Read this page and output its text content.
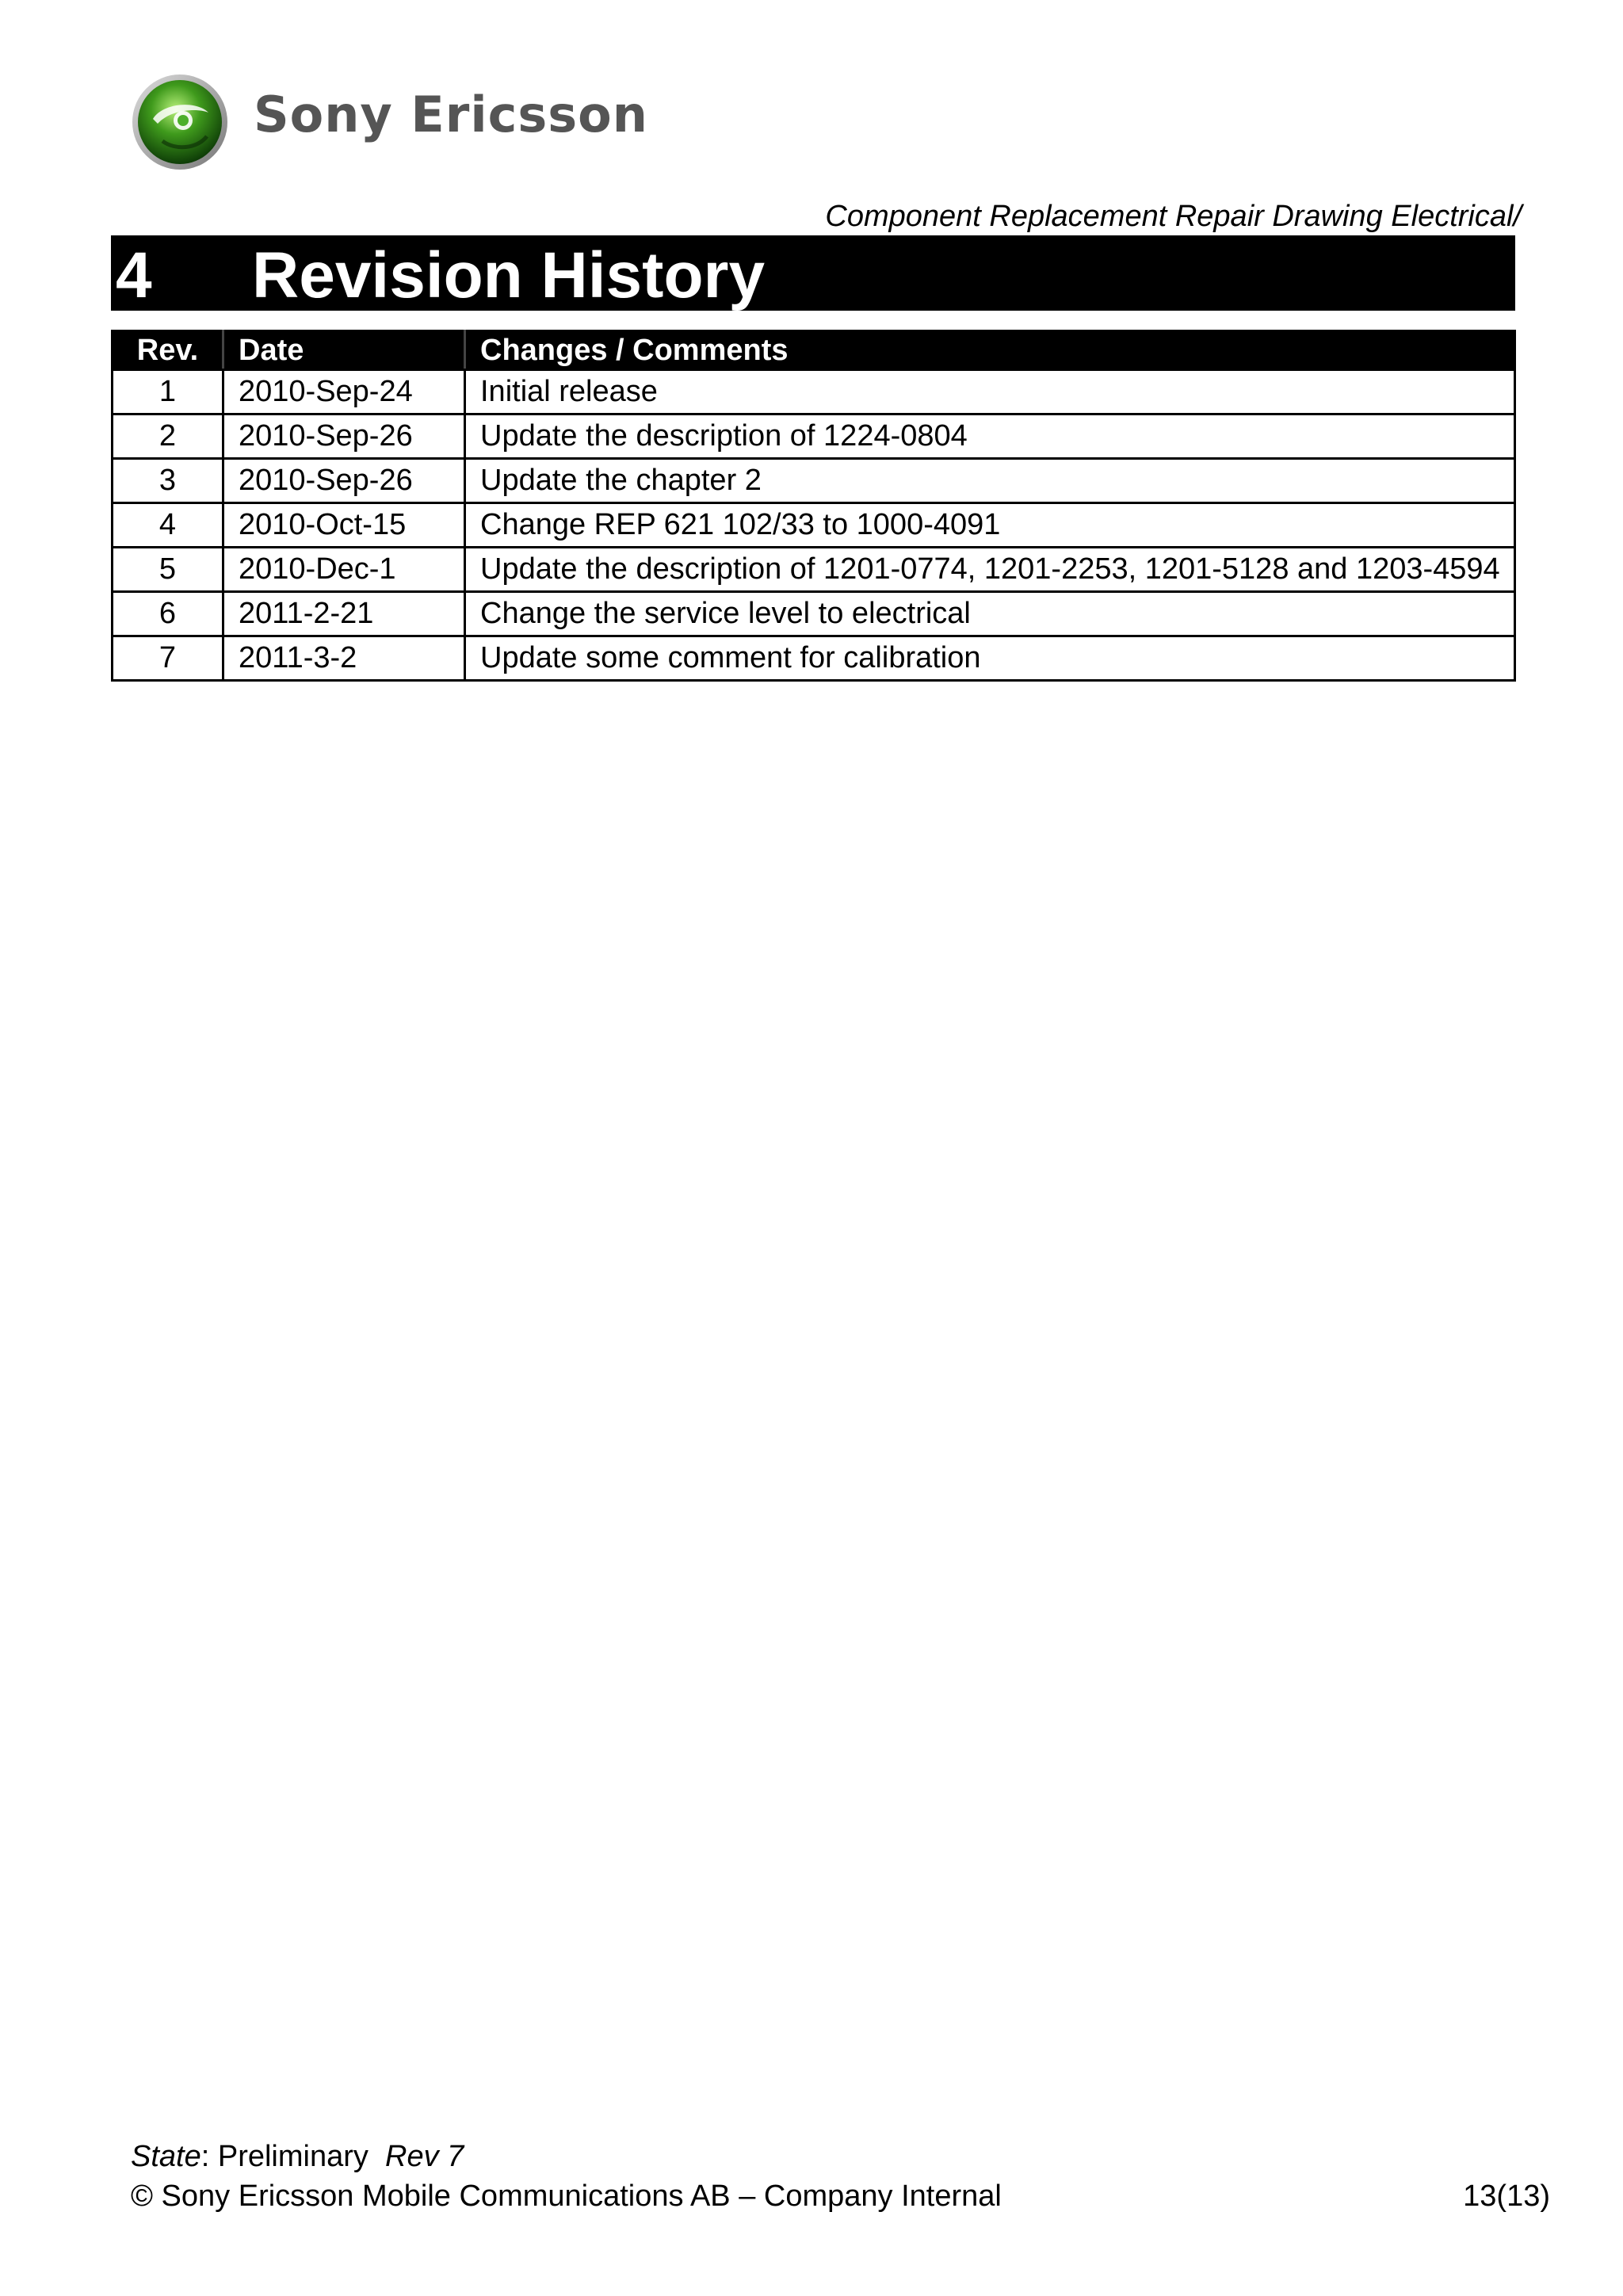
Sony Ericsson
Component Replacement Repair Drawing Electrical/
4 Revision History
Rev.	Date	Changes / Comments
1	2010-Sep-24	Initial release
2	2010-Sep-26	Update the description of 1224-0804
3	2010-Sep-26	Update the chapter 2
4	2010-Oct-15	Change REP 621 102/33 to 1000-4091
5	2010-Dec-1	Update the description of 1201-0774, 1201-2253, 1201-5128 and 1203-4594
6	2011-2-21	Change the service level to electrical
7	2011-3-2	Update some comment for calibration
State: Preliminary Rev 7
© Sony Ericsson Mobile Communications AB – Company Internal	13(13)
